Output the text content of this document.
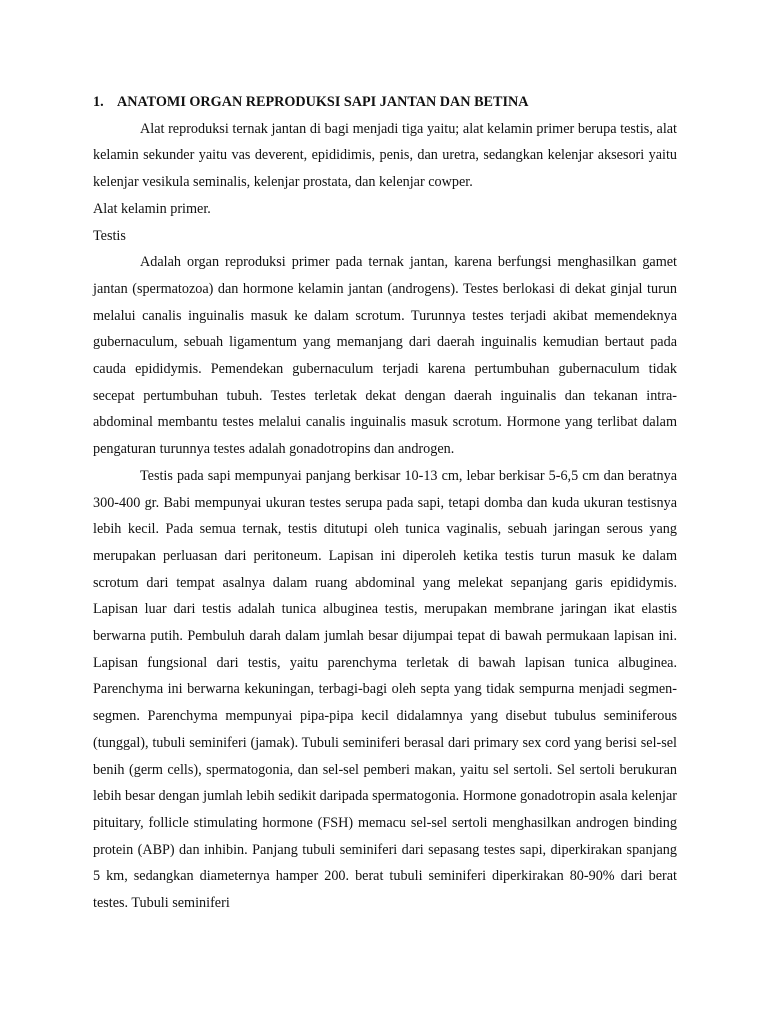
1. ANATOMI ORGAN REPRODUKSI SAPI JANTAN DAN BETINA

Alat reproduksi ternak jantan di bagi menjadi tiga yaitu; alat kelamin primer berupa testis, alat kelamin sekunder yaitu vas deverent, epididimis, penis, dan uretra, sedangkan kelenjar aksesori yaitu kelenjar vesikula seminalis, kelenjar prostata, dan kelenjar cowper.

Alat kelamin primer.

Testis

Adalah organ reproduksi primer pada ternak jantan, karena berfungsi menghasilkan gamet jantan (spermatozoa) dan hormone kelamin jantan (androgens). Testes berlokasi di dekat ginjal turun melalui canalis inguinalis masuk ke dalam scrotum. Turunnya testes terjadi akibat memendeknya gubernaculum, sebuah ligamentum yang memanjang dari daerah inguinalis kemudian bertaut pada cauda epididymis. Pemendekan gubernaculum terjadi karena pertumbuhan gubernaculum tidak secepat pertumbuhan tubuh. Testes terletak dekat dengan daerah inguinalis dan tekanan intra-abdominal membantu testes melalui canalis inguinalis masuk scrotum. Hormone yang terlibat dalam pengaturan turunnya testes adalah gonadotropins dan androgen.

Testis pada sapi mempunyai panjang berkisar 10-13 cm, lebar berkisar 5-6,5 cm dan beratnya 300-400 gr. Babi mempunyai ukuran testes serupa pada sapi, tetapi domba dan kuda ukuran testisnya lebih kecil. Pada semua ternak, testis ditutupi oleh tunica vaginalis, sebuah jaringan serous yang merupakan perluasan dari peritoneum. Lapisan ini diperoleh ketika testis turun masuk ke dalam scrotum dari tempat asalnya dalam ruang abdominal yang melekat sepanjang garis epididymis. Lapisan luar dari testis adalah tunica albuginea testis, merupakan membrane jaringan ikat elastis berwarna putih. Pembuluh darah dalam jumlah besar dijumpai tepat di bawah permukaan lapisan ini. Lapisan fungsional dari testis, yaitu parenchyma terletak di bawah lapisan tunica albuginea. Parenchyma ini berwarna kekuningan, terbagi-bagi oleh septa yang tidak sempurna menjadi segmen-segmen. Parenchyma mempunyai pipa-pipa kecil didalamnya yang disebut tubulus seminiferous (tunggal), tubuli seminiferi (jamak). Tubuli seminiferi berasal dari primary sex cord yang berisi sel-sel benih (germ cells), spermatogonia, dan sel-sel pemberi makan, yaitu sel sertoli. Sel sertoli berukuran lebih besar dengan jumlah lebih sedikit daripada spermatogonia. Hormone gonadotropin asala kelenjar pituitary, follicle stimulating hormone (FSH) memacu sel-sel sertoli menghasilkan androgen binding protein (ABP) dan inhibin. Panjang tubuli seminiferi dari sepasang testes sapi, diperkirakan spanjang 5 km, sedangkan diameternya hamper 200. berat tubuli seminiferi diperkirakan 80-90% dari berat testes. Tubuli seminiferi
